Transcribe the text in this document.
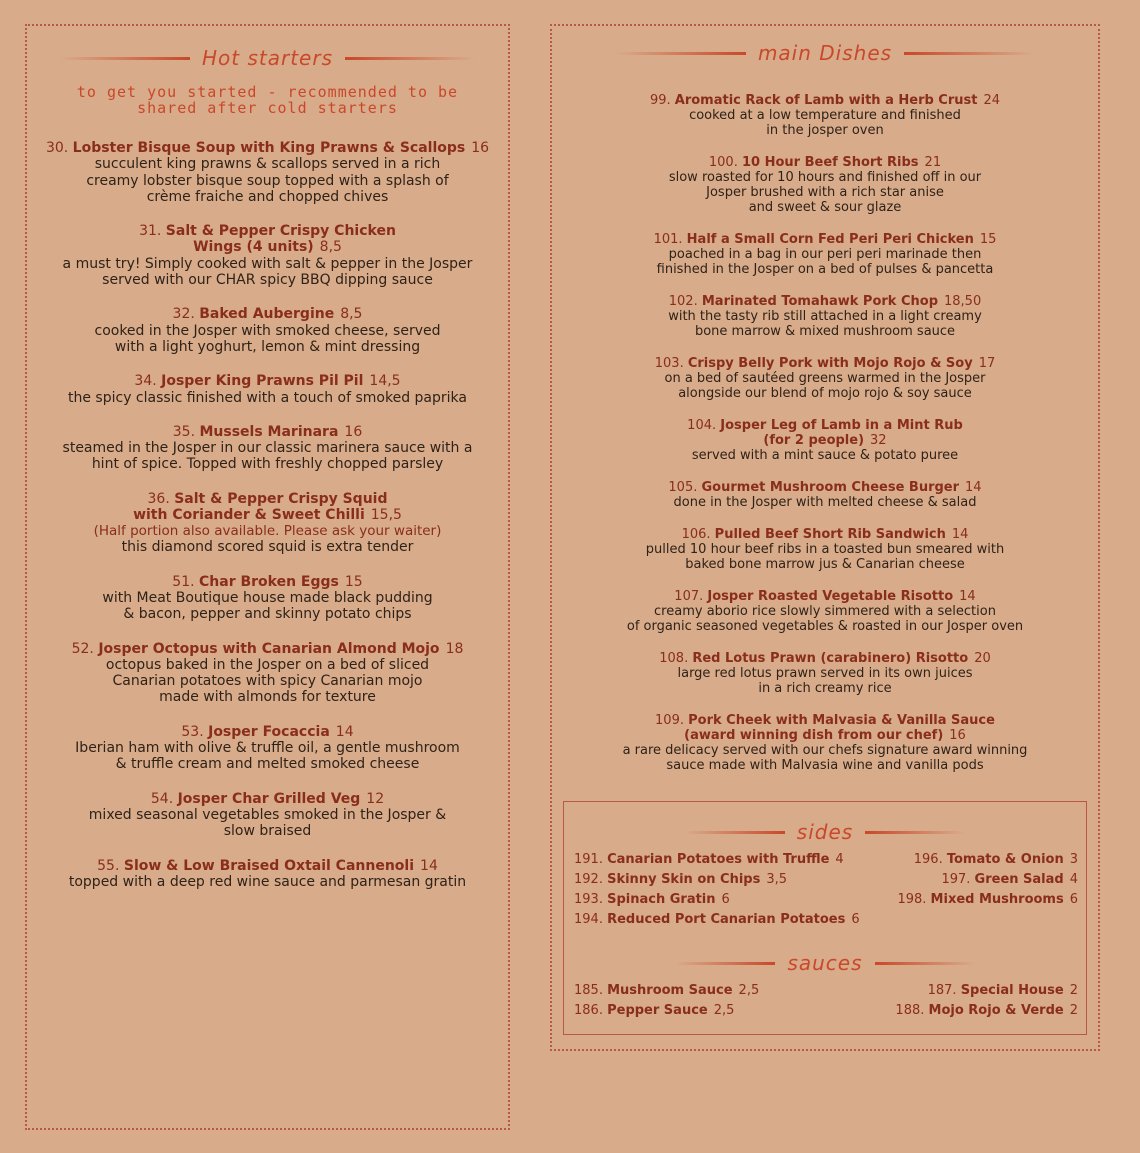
Hot starters
to get you started - recommended to be
shared after cold starters
30. Lobster Bisque Soup with King Prawns & Scallops 16
succulent king prawns & scallops served in a rich
creamy lobster bisque soup topped with a splash of
crème fraiche and chopped chives
31. Salt & Pepper Crispy Chicken
Wings (4 units) 8,5
a must try! Simply cooked with salt & pepper in the Josper
served with our CHAR spicy BBQ dipping sauce
32. Baked Aubergine 8,5
cooked in the Josper with smoked cheese, served
with a light yoghurt, lemon & mint dressing
34. Josper King Prawns Pil Pil 14,5
the spicy classic finished with a touch of smoked paprika
35. Mussels Marinara 16
steamed in the Josper in our classic marinera sauce with a
hint of spice. Topped with freshly chopped parsley
36. Salt & Pepper Crispy Squid
with Coriander & Sweet Chilli 15,5
(Half portion also available. Please ask your waiter)
this diamond scored squid is extra tender
51. Char Broken Eggs 15
with Meat Boutique house made black pudding
& bacon, pepper and skinny potato chips
52. Josper Octopus with Canarian Almond Mojo 18
octopus baked in the Josper on a bed of sliced
Canarian potatoes with spicy Canarian mojo
made with almonds for texture
53. Josper Focaccia 14
Iberian ham with olive & truffle oil, a gentle mushroom
& truffle cream and melted smoked cheese
54. Josper Char Grilled Veg 12
mixed seasonal vegetables smoked in the Josper &
slow braised
55. Slow & Low Braised Oxtail Cannenoli 14
topped with a deep red wine sauce and parmesan gratin
main Dishes
99. Aromatic Rack of Lamb with a Herb Crust 24
cooked at a low temperature and finished
in the josper oven
100. 10 Hour Beef Short Ribs 21
slow roasted for 10 hours and finished off in our
Josper brushed with a rich star anise
and sweet & sour glaze
101. Half a Small Corn Fed Peri Peri Chicken 15
poached in a bag in our peri peri marinade then
finished in the Josper on a bed of pulses & pancetta
102. Marinated Tomahawk Pork Chop 18,50
with the tasty rib still attached in a light creamy
bone marrow & mixed mushroom sauce
103. Crispy Belly Pork with Mojo Rojo & Soy 17
on a bed of sautéed greens warmed in the Josper
alongside our blend of mojo rojo & soy sauce
104. Josper Leg of Lamb in a Mint Rub
(for 2 people) 32
served with a mint sauce & potato puree
105. Gourmet Mushroom Cheese Burger 14
done in the Josper with melted cheese & salad
106. Pulled Beef Short Rib Sandwich 14
pulled 10 hour beef ribs in a toasted bun smeared with
baked bone marrow jus & Canarian cheese
107. Josper Roasted Vegetable Risotto 14
creamy aborio rice slowly simmered with a selection
of organic seasoned vegetables & roasted in our Josper oven
108. Red Lotus Prawn (carabinero) Risotto 20
large red lotus prawn served in its own juices
in a rich creamy rice
109. Pork Cheek with Malvasia & Vanilla Sauce
(award winning dish from our chef) 16
a rare delicacy served with our chefs signature award winning
sauce made with Malvasia wine and vanilla pods
sides
191. Canarian Potatoes with Truffle 4
192. Skinny Skin on Chips 3,5
193. Spinach Gratin 6
194. Reduced Port Canarian Potatoes 6
196. Tomato & Onion 3
197. Green Salad 4
198. Mixed Mushrooms 6
sauces
185. Mushroom Sauce 2,5
186. Pepper Sauce 2,5
187. Special House 2
188. Mojo Rojo & Verde 2
